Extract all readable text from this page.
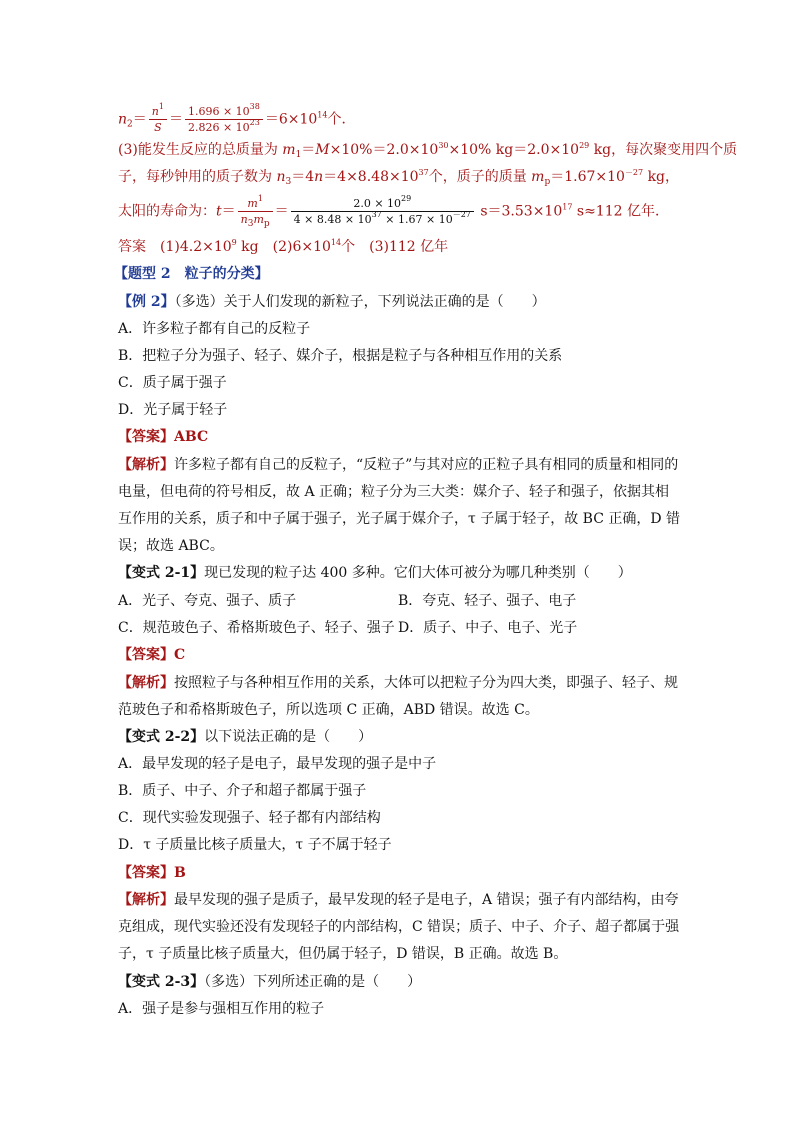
$n_2= \frac{n^1}{S} = \frac{1.696 \times 10^{38}}{2.826 \times 10^{23}} =6\times 10^{14}$个．
(3)能发生反应的总质量为 $m_1=M\times 10\%=2.0\times 10^{30}\times 10\%$ $kg=2.0\times 10^{29}$ kg，每次聚变用四个质
子，每秒钟用的质子数为 $n_3=4n=4\times 8.48\times 10^{37}$个，质子的质量 $m_p=1.67\times 10^{-27}$ kg，
太阳的寿命为：$t= \frac{m^1}{n_3m_p} = \frac{2.0 \times 10^{29}}{4 \times 8.48 \times 10^{37} \times 1.67 \times 10^{-27}} s=3.53\times 10^{17}$ s≈112 亿年．
答案　$(1)4.2\times 10^9$ kg　$(2)6\times 10^{14}$个　(3)112 亿年
【题型 2　粒子的分类】
【例 2】（多选）关于人们发现的新粒子，下列说法正确的是（　　）
A．许多粒子都有自己的反粒子
B．把粒子分为强子、轻子、媒介子，根据是粒子与各种相互作用的关系
C．质子属于强子
D．光子属于轻子
【答案】ABC
【解析】许多粒子都有自己的反粒子，“反粒子”与其对应的正粒子具有相同的质量和相同的
电量，但电荷的符号相反，故 A 正确；粒子分为三大类：媒介子、轻子和强子，依据其相
互作用的关系，质子和中子属于强子，光子属于媒介子，τ 子属于轻子，故 BC 正确，D 错
误；故选 ABC。
【变式 2-1】现已发现的粒子达 400 多种。它们大体可被分为哪几种类别（　　）
A．光子、夸克、强子、质子	B．夸克、轻子、强子、电子
C．规范玻色子、希格斯玻色子、轻子、强子 D．质子、中子、电子、光子
【答案】C
【解析】按照粒子与各种相互作用的关系，大体可以把粒子分为四大类，即强子、轻子、规
范玻色子和希格斯玻色子，所以选项 C 正确，ABD 错误。故选 C。
【变式 2-2】以下说法正确的是（　　）
A．最早发现的轻子是电子，最早发现的强子是中子
B．质子、中子、介子和超子都属于强子
C．现代实验发现强子、轻子都有内部结构
D．τ 子质量比核子质量大，τ 子不属于轻子
【答案】B
【解析】最早发现的强子是质子，最早发现的轻子是电子，A 错误；强子有内部结构，由夸
克组成，现代实验还没有发现轻子的内部结构，C 错误；质子、中子、介子、超子都属于强
子，τ 子质量比核子质量大，但仍属于轻子，D 错误，B 正确。故选 B。
【变式 2-3】（多选）下列所述正确的是（　　）
A．强子是参与强相互作用的粒子
